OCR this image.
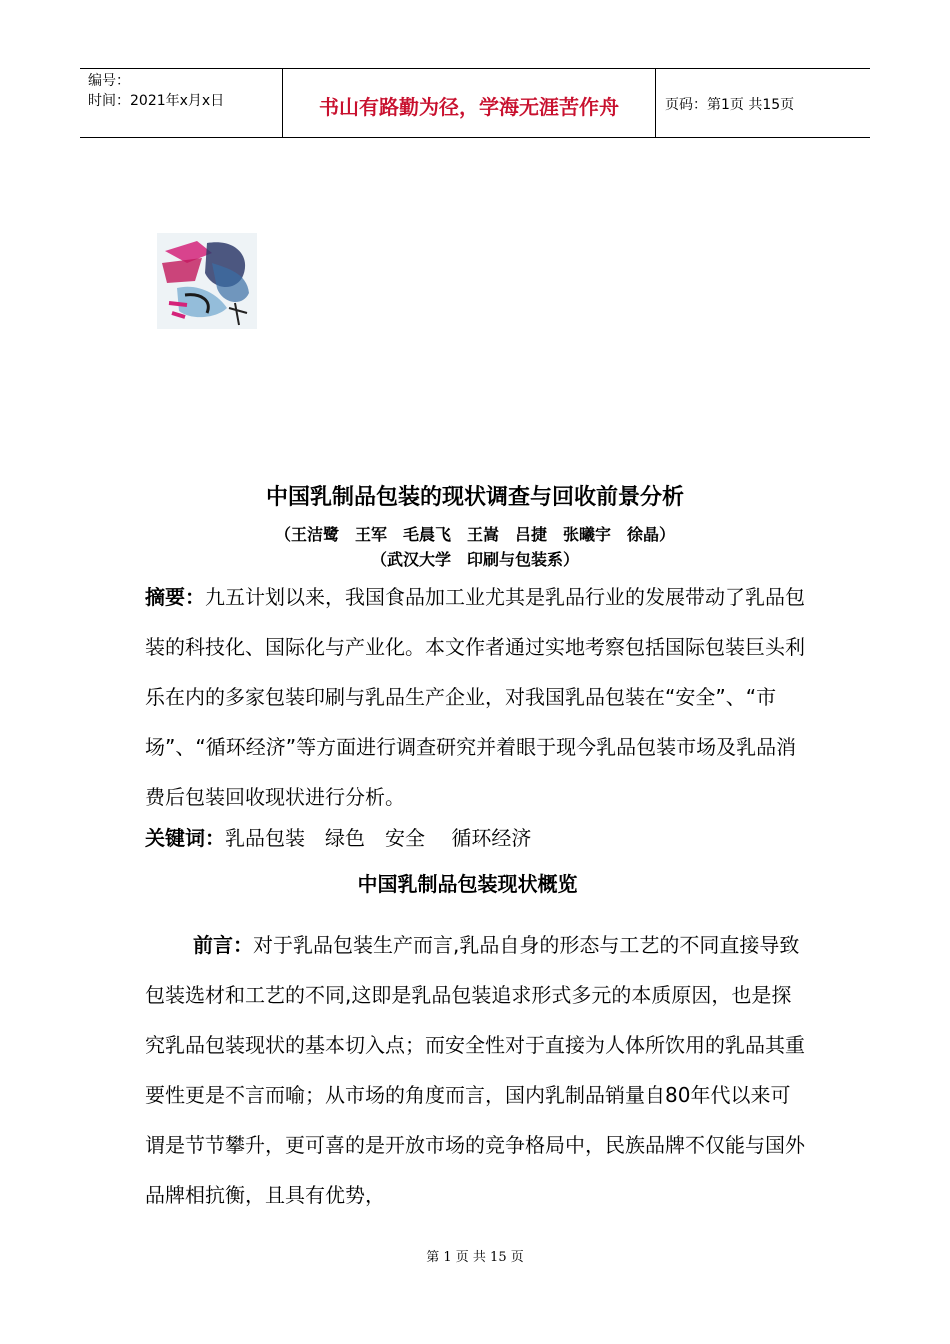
编号：
时间：2021年x月x日	书山有路勤为径，学海无涯苦作舟	页码：第1页 共15页
中国乳制品包装的现状调查与回收前景分析
（王洁鹭　王军　毛晨飞　王嵩　吕捷　张曦宇　徐晶）
（武汉大学　印刷与包装系）
摘要：九五计划以来，我国食品加工业尤其是乳品行业的发展带动了乳品包装的科技化、国际化与产业化。本文作者通过实地考察包括国际包装巨头利乐在内的多家包装印刷与乳品生产企业，对我国乳品包装在“安全”、“市场”、“循环经济”等方面进行调查研究并着眼于现今乳品包装市场及乳品消费后包装回收现状进行分析。
关键词：乳品包装　绿色　安全　 循环经济
中国乳制品包装现状概览
前言：对于乳品包装生产而言,乳品自身的形态与工艺的不同直接导致包装选材和工艺的不同,这即是乳品包装追求形式多元的本质原因，也是探究乳品包装现状的基本切入点；而安全性对于直接为人体所饮用的乳品其重要性更是不言而喻；从市场的角度而言，国内乳制品销量自80年代以来可谓是节节攀升，更可喜的是开放市场的竞争格局中，民族品牌不仅能与国外品牌相抗衡，且具有优势，
第 1 页 共 15 页
